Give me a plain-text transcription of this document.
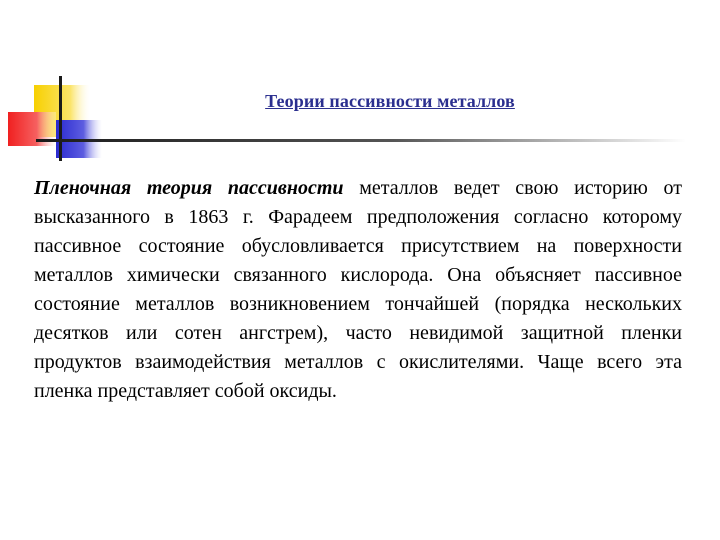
Теории пассивности металлов

Пленочная теория пассивности металлов ведет свою историю от высказанного в 1863 г. Фарадеем предположения согласно которому пассивное состояние обусловливается присутствием на поверхности металлов химически связанного кислорода. Она объясняет пассивное состояние металлов возникновением тончайшей (порядка нескольких десятков или сотен ангстрем), часто невидимой защитной пленки продуктов взаимодействия металлов с окислителями. Чаще всего эта пленка представляет собой оксиды.
